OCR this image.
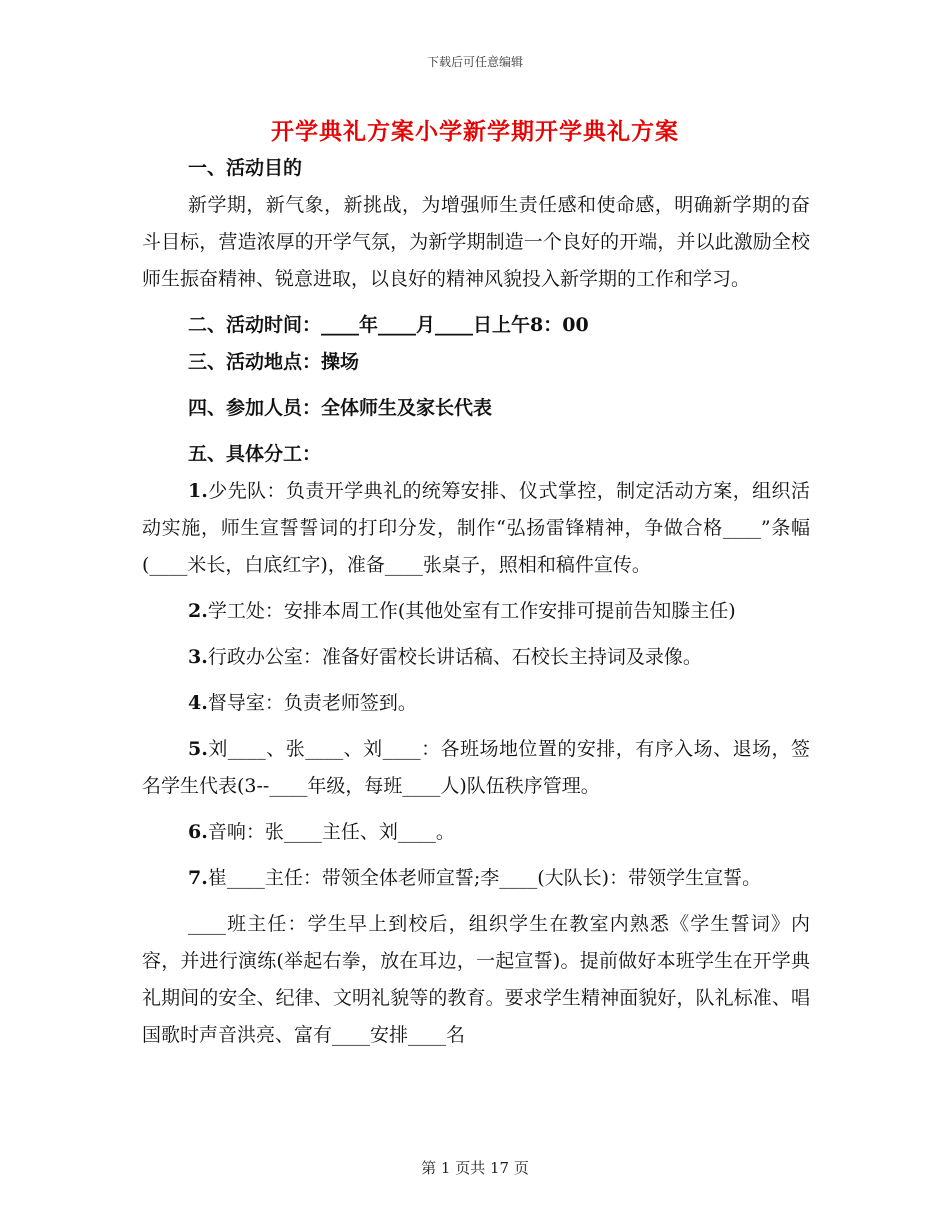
下载后可任意编辑
开学典礼方案小学新学期开学典礼方案

一、活动目的

新学期，新气象，新挑战，为增强师生责任感和使命感，明确新学期的奋斗目标，营造浓厚的开学气氛，为新学期制造一个良好的开端，并以此激励全校师生振奋精神、锐意进取，以良好的精神风貌投入新学期的工作和学习。

二、活动时间：____年____月____日上午8：00

三、活动地点：操场

四、参加人员：全体师生及家长代表

五、具体分工：

1.少先队：负责开学典礼的统筹安排、仪式掌控，制定活动方案，组织活动实施，师生宣誓誓词的打印分发，制作“弘扬雷锋精神，争做合格____”条幅(____米长，白底红字)，准备____张桌子，照相和稿件宣传。

2.学工处：安排本周工作(其他处室有工作安排可提前告知滕主任)

3.行政办公室：准备好雷校长讲话稿、石校长主持词及录像。

4.督导室：负责老师签到。

5.刘____、张____、刘____：各班场地位置的安排，有序入场、退场，签名学生代表(3--____年级，每班____人)队伍秩序管理。

6.音响：张____主任、刘____。

7.崔____主任：带领全体老师宣誓;李____(大队长)：带领学生宣誓。

____班主任：学生早上到校后，组织学生在教室内熟悉《学生誓词》内容，并进行演练(举起右拳，放在耳边，一起宣誓)。提前做好本班学生在开学典礼期间的安全、纪律、文明礼貌等的教育。要求学生精神面貌好，队礼标准、唱国歌时声音洪亮、富有____安排____名

第 1 页共 17 页
